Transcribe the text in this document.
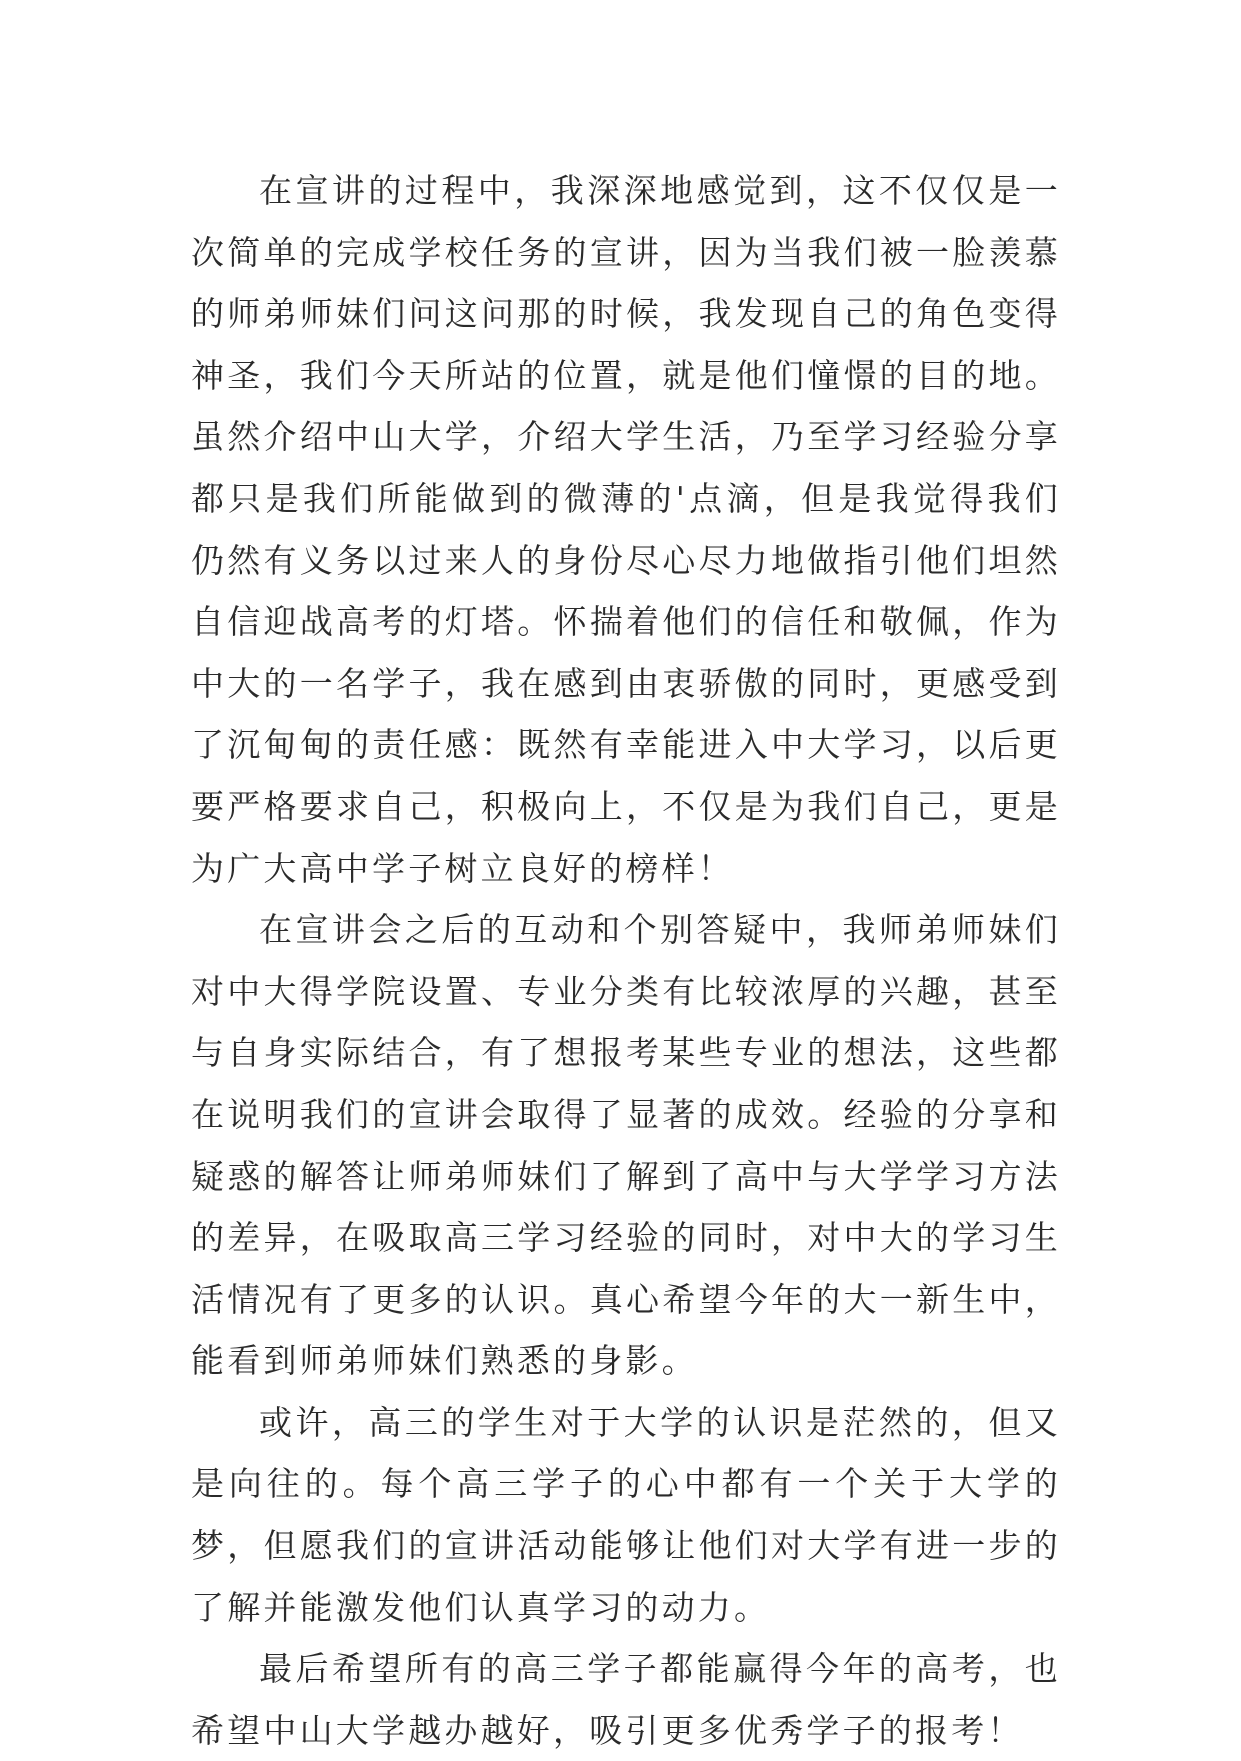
在宣讲的过程中，我深深地感觉到，这不仅仅是一次简单的完成学校任务的宣讲，因为当我们被一脸羡慕的师弟师妹们问这问那的时候，我发现自己的角色变得神圣，我们今天所站的位置，就是他们憧憬的目的地。虽然介绍中山大学，介绍大学生活，乃至学习经验分享都只是我们所能做到的微薄的'点滴，但是我觉得我们仍然有义务以过来人的身份尽心尽力地做指引他们坦然自信迎战高考的灯塔。怀揣着他们的信任和敬佩，作为中大的一名学子，我在感到由衷骄傲的同时，更感受到了沉甸甸的责任感：既然有幸能进入中大学习，以后更要严格要求自己，积极向上，不仅是为我们自己，更是为广大高中学子树立良好的榜样！

在宣讲会之后的互动和个别答疑中，我师弟师妹们对中大得学院设置、专业分类有比较浓厚的兴趣，甚至与自身实际结合，有了想报考某些专业的想法，这些都在说明我们的宣讲会取得了显著的成效。经验的分享和疑惑的解答让师弟师妹们了解到了高中与大学学习方法的差异，在吸取高三学习经验的同时，对中大的学习生活情况有了更多的认识。真心希望今年的大一新生中，能看到师弟师妹们熟悉的身影。

或许，高三的学生对于大学的认识是茫然的，但又是向往的。每个高三学子的心中都有一个关于大学的梦，但愿我们的宣讲活动能够让他们对大学有进一步的了解并能激发他们认真学习的动力。

最后希望所有的高三学子都能赢得今年的高考，也希望中山大学越办越好，吸引更多优秀学子的报考！
